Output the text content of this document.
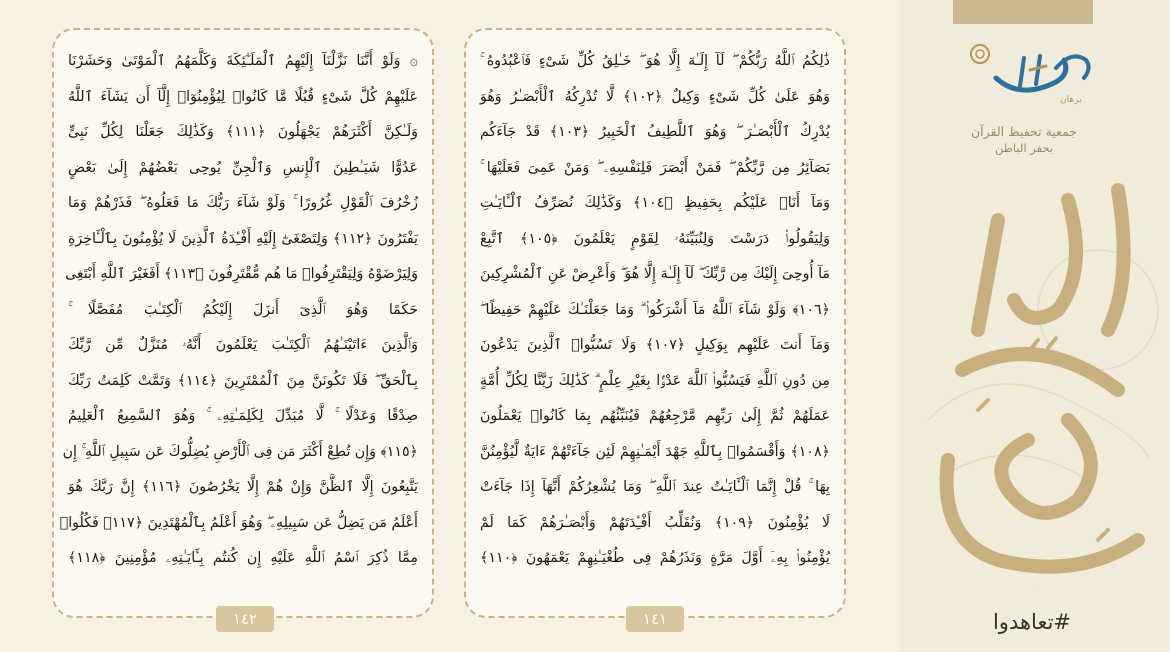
۞ وَلَوْ أَنَّنَا نَزَّلْنَآ إِلَيْهِمُ ٱلْمَلَـٰٓئِكَةَ وَكَلَّمَهُمُ ٱلْمَوْتَىٰ وَحَشَرْنَا
عَلَيْهِمْ كُلَّ شَىْءٍ قُبُلًا مَّا كَانُوا۟ لِيُؤْمِنُوٓا۟ إِلَّآ أَن يَشَآءَ ٱللَّهُ
وَلَـٰكِنَّ أَكْثَرَهُمْ يَجْهَلُونَ ﴿١١١﴾ وَكَذَٰلِكَ جَعَلْنَا لِكُلِّ نَبِىٍّ
عَدُوًّا شَيَـٰطِينَ ٱلْإِنسِ وَٱلْجِنِّ يُوحِى بَعْضُهُمْ إِلَىٰ بَعْضٍ
زُخْرُفَ ٱلْقَوْلِ غُرُورًا ۚ وَلَوْ شَآءَ رَبُّكَ مَا فَعَلُوهُ ۖ فَذَرْهُمْ وَمَا
يَفْتَرُونَ ﴿١١٢﴾ وَلِتَصْغَىٰٓ إِلَيْهِ أَفْـِٔدَةُ ٱلَّذِينَ لَا يُؤْمِنُونَ بِٱلْـَٔاخِرَةِ
وَلِيَرْضَوْهُ وَلِيَقْتَرِفُوا۟ مَا هُم مُّقْتَرِفُونَ ﴿١١٣﴾ أَفَغَيْرَ ٱللَّهِ أَبْتَغِى
حَكَمًا وَهُوَ ٱلَّذِىٓ أَنزَلَ إِلَيْكُمُ ٱلْكِتَـٰبَ مُفَصَّلًا ۚ
وَٱلَّذِينَ ءَاتَيْنَـٰهُمُ ٱلْكِتَـٰبَ يَعْلَمُونَ أَنَّهُۥ مُنَزَّلٌ مِّن رَّبِّكَ
بِٱلْحَقِّ ۖ فَلَا تَكُونَنَّ مِنَ ٱلْمُمْتَرِينَ ﴿١١٤﴾ وَتَمَّتْ كَلِمَتُ رَبِّكَ
صِدْقًا وَعَدْلًا ۚ لَّا مُبَدِّلَ لِكَلِمَـٰتِهِۦ ۚ وَهُوَ ٱلسَّمِيعُ ٱلْعَلِيمُ
﴿١١٥﴾ وَإِن تُطِعْ أَكْثَرَ مَن فِى ٱلْأَرْضِ يُضِلُّوكَ عَن سَبِيلِ ٱللَّهِ ۚ إِن
يَتَّبِعُونَ إِلَّا ٱلظَّنَّ وَإِنْ هُمْ إِلَّا يَخْرُصُونَ ﴿١١٦﴾ إِنَّ رَبَّكَ هُوَ
أَعْلَمُ مَن يَضِلُّ عَن سَبِيلِهِۦ ۖ وَهُوَ أَعْلَمُ بِٱلْمُهْتَدِينَ ﴿١١٧﴾ فَكُلُوا۟
مِمَّا ذُكِرَ ٱسْمُ ٱللَّهِ عَلَيْهِ إِن كُنتُم بِـَٔايَـٰتِهِۦ مُؤْمِنِينَ ﴿١١٨﴾
١٤٢
ذَٰلِكُمُ ٱللَّهُ رَبُّكُمْ ۖ لَآ إِلَـٰهَ إِلَّا هُوَ ۖ خَـٰلِقُ كُلِّ شَىْءٍ فَٱعْبُدُوهُ ۚ
وَهُوَ عَلَىٰ كُلِّ شَىْءٍ وَكِيلٌ ﴿١٠٢﴾ لَّا تُدْرِكُهُ ٱلْأَبْصَـٰرُ وَهُوَ
يُدْرِكُ ٱلْأَبْصَـٰرَ ۖ وَهُوَ ٱللَّطِيفُ ٱلْخَبِيرُ ﴿١٠٣﴾ قَدْ جَآءَكُم
بَصَآئِرُ مِن رَّبِّكُمْ ۖ فَمَنْ أَبْصَرَ فَلِنَفْسِهِۦ ۖ وَمَنْ عَمِىَ فَعَلَيْهَا ۚ
وَمَآ أَنَا۠ عَلَيْكُم بِحَفِيظٍ ﴿١٠٤﴾ وَكَذَٰلِكَ نُصَرِّفُ ٱلْـَٔايَـٰتِ
وَلِيَقُولُوا۟ دَرَسْتَ وَلِنُبَيِّنَهُۥ لِقَوْمٍ يَعْلَمُونَ ﴿١٠٥﴾ ٱتَّبِعْ
مَآ أُوحِىَ إِلَيْكَ مِن رَّبِّكَ ۖ لَآ إِلَـٰهَ إِلَّا هُوَ ۖ وَأَعْرِضْ عَنِ ٱلْمُشْرِكِينَ
﴿١٠٦﴾ وَلَوْ شَآءَ ٱللَّهُ مَآ أَشْرَكُوا۟ ۗ وَمَا جَعَلْنَـٰكَ عَلَيْهِمْ حَفِيظًا ۖ
وَمَآ أَنتَ عَلَيْهِم بِوَكِيلٍ ﴿١٠٧﴾ وَلَا تَسُبُّوا۟ ٱلَّذِينَ يَدْعُونَ
مِن دُونِ ٱللَّهِ فَيَسُبُّوا۟ ٱللَّهَ عَدْوًۢا بِغَيْرِ عِلْمٍ ۗ كَذَٰلِكَ زَيَّنَّا لِكُلِّ أُمَّةٍ
عَمَلَهُمْ ثُمَّ إِلَىٰ رَبِّهِم مَّرْجِعُهُمْ فَيُنَبِّئُهُم بِمَا كَانُوا۟ يَعْمَلُونَ
﴿١٠٨﴾ وَأَقْسَمُوا۟ بِٱللَّهِ جَهْدَ أَيْمَـٰنِهِمْ لَئِن جَآءَتْهُمْ ءَايَةٌ لَّيُؤْمِنُنَّ
بِهَا ۚ قُلْ إِنَّمَا ٱلْـَٔايَـٰتُ عِندَ ٱللَّهِ ۖ وَمَا يُشْعِرُكُمْ أَنَّهَآ إِذَا جَآءَتْ
لَا يُؤْمِنُونَ ﴿١٠٩﴾ وَنُقَلِّبُ أَفْـِٔدَتَهُمْ وَأَبْصَـٰرَهُمْ كَمَا لَمْ
يُؤْمِنُوا۟ بِهِۦٓ أَوَّلَ مَرَّةٍ وَنَذَرُهُمْ فِى طُغْيَـٰنِهِمْ يَعْمَهُونَ ﴿١١٠﴾
١٤١
برهان
جمعية تحفيظ القرآن
بحفر الباطن
تعاهدوا
#تعاهدوا
